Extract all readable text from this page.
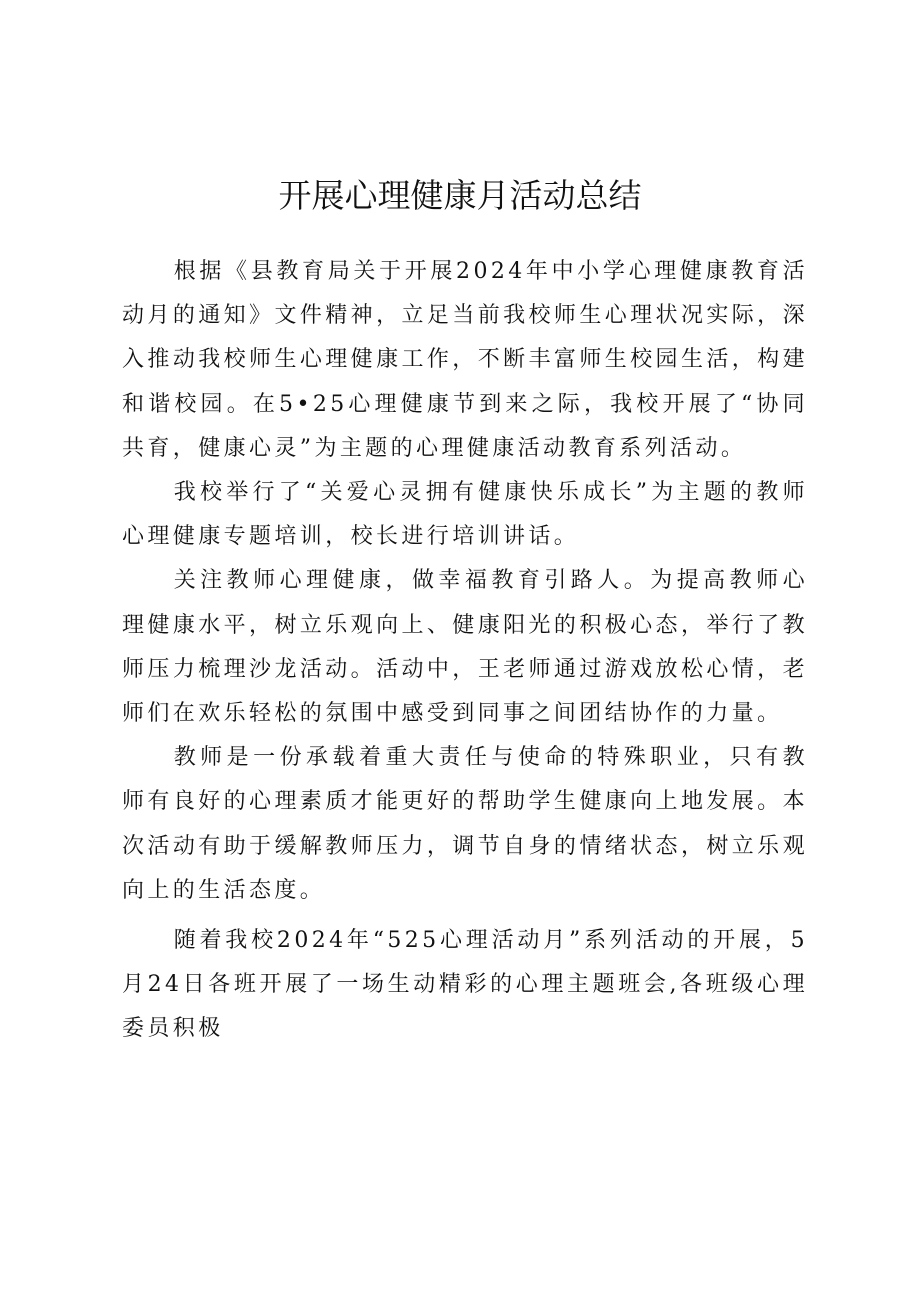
开展心理健康月活动总结

根据《县教育局关于开展2024年中小学心理健康教育活动月的通知》文件精神，立足当前我校师生心理状况实际，深入推动我校师生心理健康工作，不断丰富师生校园生活，构建和谐校园。在5•25心理健康节到来之际，我校开展了“协同共育，健康心灵”为主题的心理健康活动教育系列活动。

我校举行了“关爱心灵拥有健康快乐成长”为主题的教师心理健康专题培训，校长进行培训讲话。

关注教师心理健康，做幸福教育引路人。为提高教师心理健康水平，树立乐观向上、健康阳光的积极心态，举行了教师压力梳理沙龙活动。活动中，王老师通过游戏放松心情，老师们在欢乐轻松的氛围中感受到同事之间团结协作的力量。

教师是一份承载着重大责任与使命的特殊职业，只有教师有良好的心理素质才能更好的帮助学生健康向上地发展。本次活动有助于缓解教师压力，调节自身的情绪状态，树立乐观向上的生活态度。

随着我校2024年“525心理活动月”系列活动的开展，5月24日各班开展了一场生动精彩的心理主题班会,各班级心理委员积极
